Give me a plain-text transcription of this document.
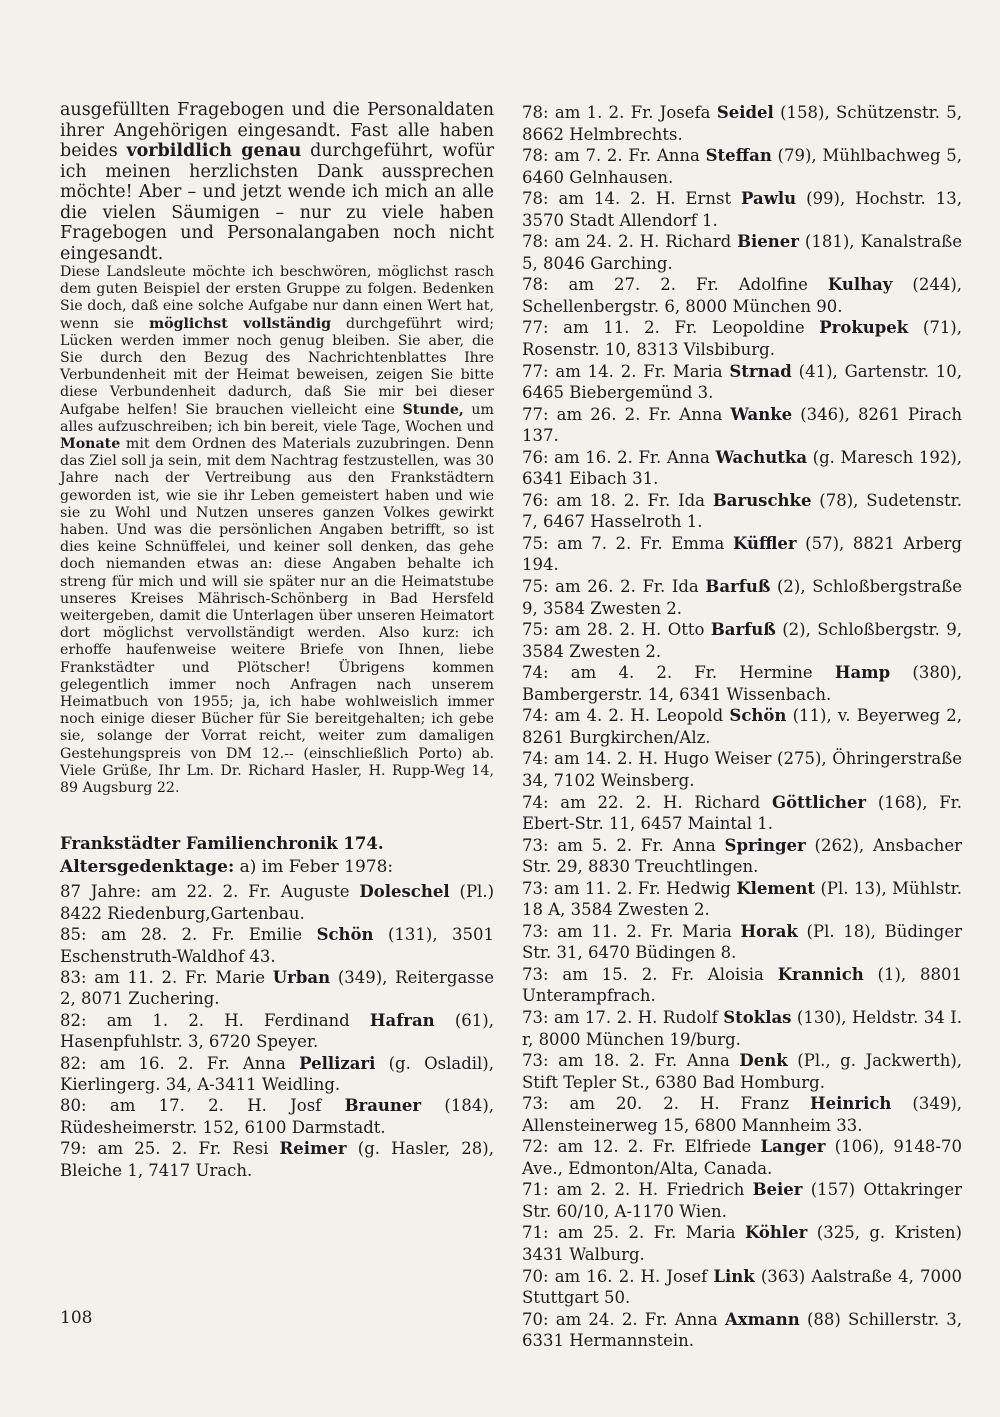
ausgefüllten Fragebogen und die Personaldaten ihrer Angehörigen eingesandt. Fast alle haben beides vorbildlich genau durchgeführt, wofür ich meinen herzlichsten Dank aussprechen möchte! Aber – und jetzt wende ich mich an alle die vielen Säumigen – nur zu viele haben Fragebogen und Personalangaben noch nicht eingesandt.

Diese Landsleute möchte ich beschwören, möglichst rasch dem guten Beispiel der ersten Gruppe zu folgen. Bedenken Sie doch, daß eine solche Aufgabe nur dann einen Wert hat, wenn sie möglichst vollständig durchgeführt wird; Lücken werden immer noch genug bleiben. Sie aber, die Sie durch den Bezug des Nachrichtenblattes Ihre Verbundenheit mit der Heimat beweisen, zeigen Sie bitte diese Verbundenheit dadurch, daß Sie mir bei dieser Aufgabe helfen! Sie brauchen vielleicht eine Stunde, um alles aufzuschreiben; ich bin bereit, viele Tage, Wochen und Monate mit dem Ordnen des Materials zuzubringen. Denn das Ziel soll ja sein, mit dem Nachtrag festzustellen, was 30 Jahre nach der Vertreibung aus den Frankstädtern geworden ist, wie sie ihr Leben gemeistert haben und wie sie zu Wohl und Nutzen unseres ganzen Volkes gewirkt haben. Und was die persönlichen Angaben betrifft, so ist dies keine Schnüffelei, und keiner soll denken, das gehe doch niemanden etwas an: diese Angaben behalte ich streng für mich und will sie später nur an die Heimatstube unseres Kreises Mährisch-Schönberg in Bad Hersfeld weitergeben, damit die Unterlagen über unseren Heimatort dort möglichst vervollständigt werden. Also kurz: ich erhoffe haufenweise weitere Briefe von Ihnen, liebe Frankstädter und Plötscher! Übrigens kommen gelegentlich immer noch Anfragen nach unserem Heimatbuch von 1955; ja, ich habe wohlweislich immer noch einige dieser Bücher für Sie bereitgehalten; ich gebe sie, solange der Vorrat reicht, weiter zum damaligen Gestehungspreis von DM 12.-- (einschließlich Porto) ab. Viele Grüße, Ihr Lm. Dr. Richard Hasler, H. Rupp-Weg 14, 89 Augsburg 22.

Frankstädter Familienchronik 174.
Altersgedenktage: a) im Feber 1978:

87 Jahre: am 22. 2. Fr. Auguste Doleschel (Pl.) 8422 Riedenburg,Gartenbau.

85: am 28. 2. Fr. Emilie Schön (131), 3501 Eschenstruth-Waldhof 43.

83: am 11. 2. Fr. Marie Urban (349), Reitergasse 2, 8071 Zuchering.

82: am 1. 2. H. Ferdinand Hafran (61), Hasenpfuhlstr. 3, 6720 Speyer.

82: am 16. 2. Fr. Anna Pellizari (g. Osladil), Kierlingerg. 34, A-3411 Weidling.

80: am 17. 2. H. Josf Brauner (184), Rüdesheimerstr. 152, 6100 Darmstadt.

79: am 25. 2. Fr. Resi Reimer (g. Hasler, 28), Bleiche 1, 7417 Urach.

78: am 1. 2. Fr. Josefa Seidel (158), Schützenstr. 5, 8662 Helmbrechts.

78: am 7. 2. Fr. Anna Steffan (79), Mühlbachweg 5, 6460 Gelnhausen.

78: am 14. 2. H. Ernst Pawlu (99), Hochstr. 13, 3570 Stadt Allendorf 1.

78: am 24. 2. H. Richard Biener (181), Kanalstraße 5, 8046 Garching.

78: am 27. 2. Fr. Adolfine Kulhay (244), Schellenbergstr. 6, 8000 München 90.

77: am 11. 2. Fr. Leopoldine Prokupek (71), Rosenstr. 10, 8313 Vilsbiburg.

77: am 14. 2. Fr. Maria Strnad (41), Gartenstr. 10, 6465 Biebergemünd 3.

77: am 26. 2. Fr. Anna Wanke (346), 8261 Pirach 137.

76: am 16. 2. Fr. Anna Wachutka (g. Maresch 192), 6341 Eibach 31.

76: am 18. 2. Fr. Ida Baruschke (78), Sudetenstr. 7, 6467 Hasselroth 1.

75: am 7. 2. Fr. Emma Küffler (57), 8821 Arberg 194.

75: am 26. 2. Fr. Ida Barfuß (2), Schloßbergstraße 9, 3584 Zwesten 2.

75: am 28. 2. H. Otto Barfuß (2), Schloßbergstr. 9, 3584 Zwesten 2.

74: am 4. 2. Fr. Hermine Hamp (380), Bambergerstr. 14, 6341 Wissenbach.

74: am 4. 2. H. Leopold Schön (11), v. Beyerweg 2, 8261 Burgkirchen/Alz.

74: am 14. 2. H. Hugo Weiser (275), Öhringerstraße 34, 7102 Weinsberg.

74: am 22. 2. H. Richard Göttlicher (168), Fr. Ebert-Str. 11, 6457 Maintal 1.

73: am 5. 2. Fr. Anna Springer (262), Ansbacher Str. 29, 8830 Treuchtlingen.

73: am 11. 2. Fr. Hedwig Klement (Pl. 13), Mühlstr. 18 A, 3584 Zwesten 2.

73: am 11. 2. Fr. Maria Horak (Pl. 18), Büdinger Str. 31, 6470 Büdingen 8.

73: am 15. 2. Fr. Aloisia Krannich (1), 8801 Unterampfrach.

73: am 17. 2. H. Rudolf Stoklas (130), Heldstr. 34 I. r, 8000 München 19/burg.

73: am 18. 2. Fr. Anna Denk (Pl., g. Jackwerth), Stift Tepler St., 6380 Bad Homburg.

73: am 20. 2. H. Franz Heinrich (349), Allensteinerweg 15, 6800 Mannheim 33.

72: am 12. 2. Fr. Elfriede Langer (106), 9148-70 Ave., Edmonton/Alta, Canada.

71: am 2. 2. H. Friedrich Beier (157) Ottakringer Str. 60/10, A-1170 Wien.

71: am 25. 2. Fr. Maria Köhler (325, g. Kristen) 3431 Walburg.

70: am 16. 2. H. Josef Link (363) Aalstraße 4, 7000 Stuttgart 50.

70: am 24. 2. Fr. Anna Axmann (88) Schillerstr. 3, 6331 Hermannstein.

108
